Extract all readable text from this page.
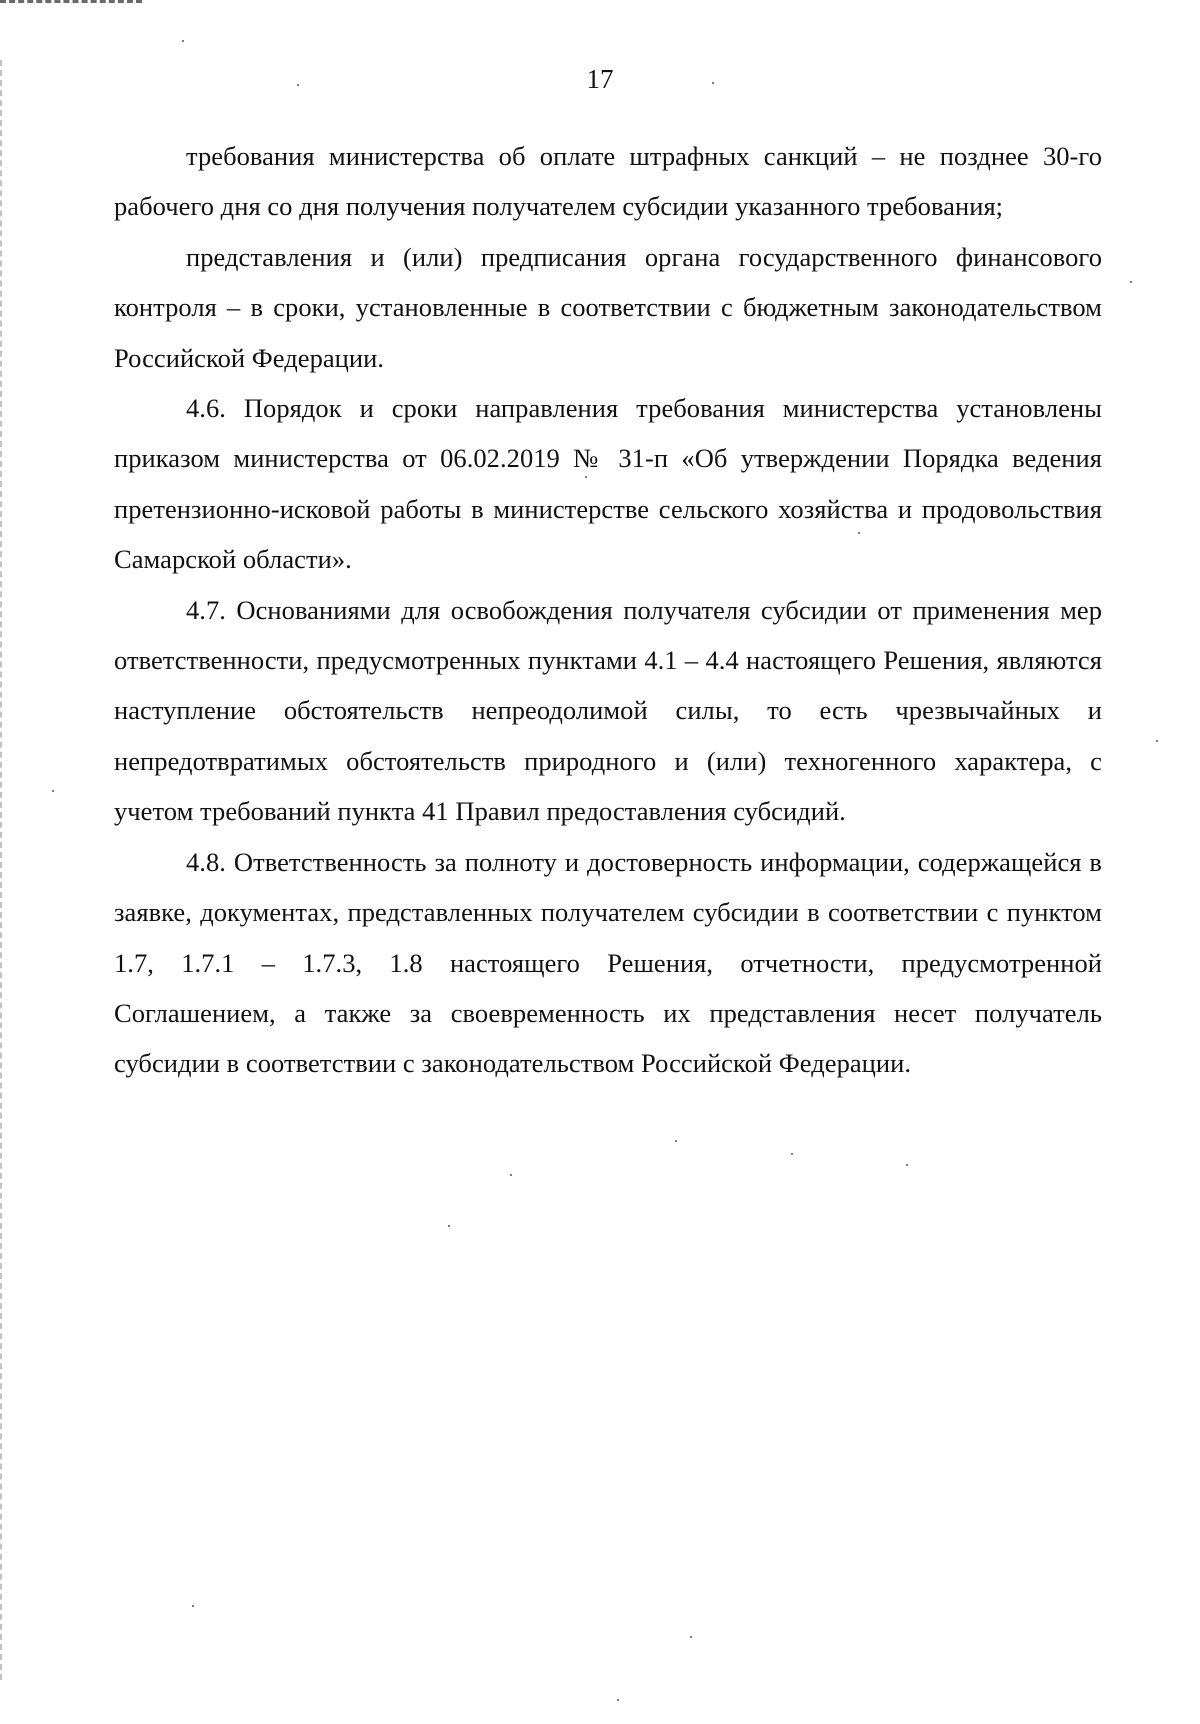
17

требования министерства об оплате штрафных санкций – не позднее 30-го рабочего дня со дня получения получателем субсидии указанного требования;

представления и (или) предписания органа государственного финансового контроля – в сроки, установленные в соответствии с бюджетным законодательством Российской Федерации.

4.6. Порядок и сроки направления требования министерства установлены приказом министерства от 06.02.2019 № 31-п «Об утверждении Порядка ведения претензионно-исковой работы в министерстве сельского хозяйства и продовольствия Самарской области».

4.7. Основаниями для освобождения получателя субсидии от применения мер ответственности, предусмотренных пунктами 4.1 – 4.4 настоящего Решения, являются наступление обстоятельств непреодолимой силы, то есть чрезвычайных и непредотвратимых обстоятельств природного и (или) техногенного характера, с учетом требований пункта 41 Правил предоставления субсидий.

4.8. Ответственность за полноту и достоверность информации, содержащейся в заявке, документах, представленных получателем субсидии в соответствии с пунктом 1.7, 1.7.1 – 1.7.3, 1.8 настоящего Решения, отчетности, предусмотренной Соглашением, а также за своевременность их представления несет получатель субсидии в соответствии с законодательством Российской Федерации.
